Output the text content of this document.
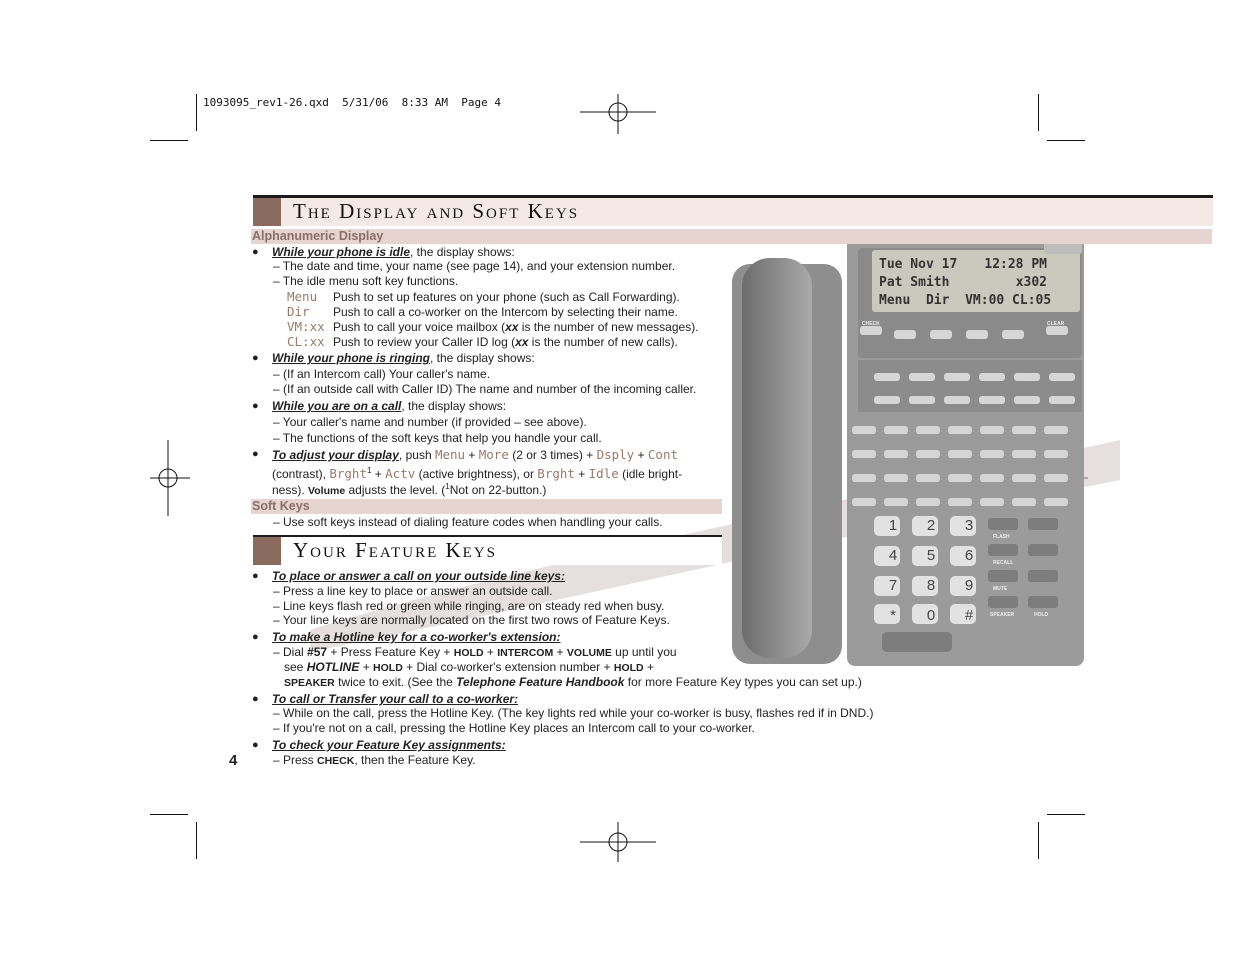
1093095_rev1-26.qxd  5/31/06  8:33 AM  Page 4
Tue Nov 17 12:28 PM
Pat Smith	x302
Menu  Dir  VM:00 CL:05
CHECK	CLEAR
FLASH
RECALL
MUTE
SPEAKER	HOLD
1	2	3
4	5	6
7	8	9
*	0	#
The Display and Soft Keys
Alphanumeric Display
● While your phone is idle, the display shows:
– The date and time, your name (see page 14), and your extension number.
– The idle menu soft key functions.
Menu Push to set up features on your phone (such as Call Forwarding).
Dir Push to call a co-worker on the Intercom by selecting their name.
VM:xx Push to call your voice mailbox (xx is the number of new messages).
CL:xx Push to review your Caller ID log (xx is the number of new calls).
● While your phone is ringing, the display shows:
– (If an Intercom call) Your caller's name.
– (If an outside call with Caller ID) The name and number of the incoming caller.
● While you are on a call, the display shows:
– Your caller's name and number (if provided – see above).
– The functions of the soft keys that help you handle your call.
● To adjust your display, push Menu + More (2 or 3 times) + Dsply + Cont
(contrast), Brght$^1$ + Actv (active brightness), or Brght + Idle (idle bright-
ness). Volume adjusts the level. ($^1$Not on 22-button.)
Soft Keys
– Use soft keys instead of dialing feature codes when handling your calls.
Your Feature Keys
● To place or answer a call on your outside line keys:
– Press a line key to place or answer an outside call.
– Line keys flash red or green while ringing, are on steady red when busy.
– Your line keys are normally located on the first two rows of Feature Keys.
● To make a Hotline key for a co-worker's extension:
– Dial #57 + Press Feature Key + HOLD + INTERCOM + VOLUME up until you
see HOTLINE + HOLD + Dial co-worker's extension number + HOLD +
SPEAKER twice to exit. (See the Telephone Feature Handbook for more Feature Key types you can set up.)
● To call or Transfer your call to a co-worker:
– While on the call, press the Hotline Key. (The key lights red while your co-worker is busy, flashes red if in DND.)
– If you're not on a call, pressing the Hotline Key places an Intercom call to your co-worker.
● To check your Feature Key assignments:
– Press CHECK, then the Feature Key.
4
